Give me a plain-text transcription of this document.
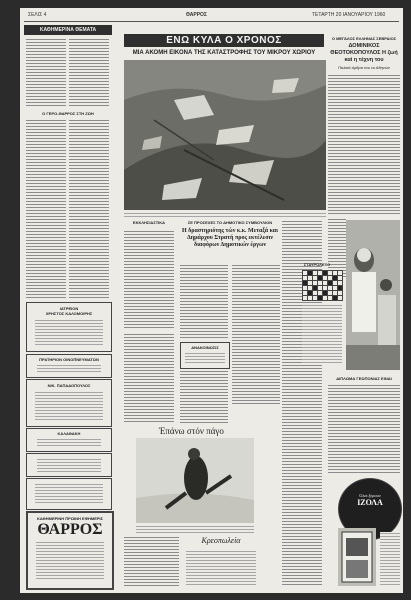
ΣΕΛΙΣ 4	ΘΑΡΡΟΣ	ΤΕΤΑΡΤΗ 20 ΙΑΝΟΥΑΡΙΟΥ 1960
ΚΑΘΗΜΕΡΙΝΑ ΘΕΜΑΤΑ
Ο ΓΕΡΟ-ΘΑΡΡΟΣ ΣΤΗ ΖΩΗ
ΙΑΤΡΕΙΟΝ
ΧΡΗΣΤΟΣ ΚΑΛΟΜΟΙΡΗΣ
ΠΡΑΤΗΡΙΟΝ ΟΙΝΟΠΝΕΥΜΑΤΩΝ
ΝΙΚ. ΠΑΠΑΔΟΠΟΥΛΟΣ
ΚΑΛΑΘΑΚΗ
ΚΑΘΗΜΕΡΙΝΗ ΠΡΩΙΝΗ ΕΦΗΜΕΡΙΣ
ΘΑΡΡΟΣ
ΕΝΩ ΚΥΛΑ Ο ΧΡΟΝΟΣ
ΜΙΑ ΑΚΟΜΗ ΕΙΚΟΝΑ ΤΗΣ ΚΑΤΑΣΤΡΟΦΗΣ ΤΟΥ ΜΙΚΡΟΥ ΧΩΡΙΟΥ
ΕΚΚΛΗΣΙΑΣΤΙΚΑ	ΣΕ ΠΡΟΣΕΧΕΣ ΤΟ ΔΗΜΟΤΙΚΟ ΣΥΜΒΟΥΛΙΟΝ
Η δραστηριότης τών κ.κ. Μεταξά και Δημάρχου Στρατή προς εκτέλεσιν διαφόρων Δημοτικών έργων
ΑΝΑΚΟΙΝΩΣΙΣ
Έπάνω στόν πάγο
Κρεοπωλεία
Ο ΜΕΓΑΛΟΣ ΕΛΛΗΝΑΣ ΣΕΒΡΑΙΟΣ
ΔΟΜΙΝΙΚΟΣ ΘΕΟΤΟΚΟΠΟΥΛΟΣ Η ζωή καί η τέχνη του
Παλαιά άρθρα του εκ Αθηνών
ΣΤΑΥΡΟΛΕΞΟ
ΔΙΠΛΩΜΑ ΓΕΩΠΟΝΙΑΣ ΕΙΝΑΙ
Όλοι ξέρουν
ΙΖΟΛΑ
